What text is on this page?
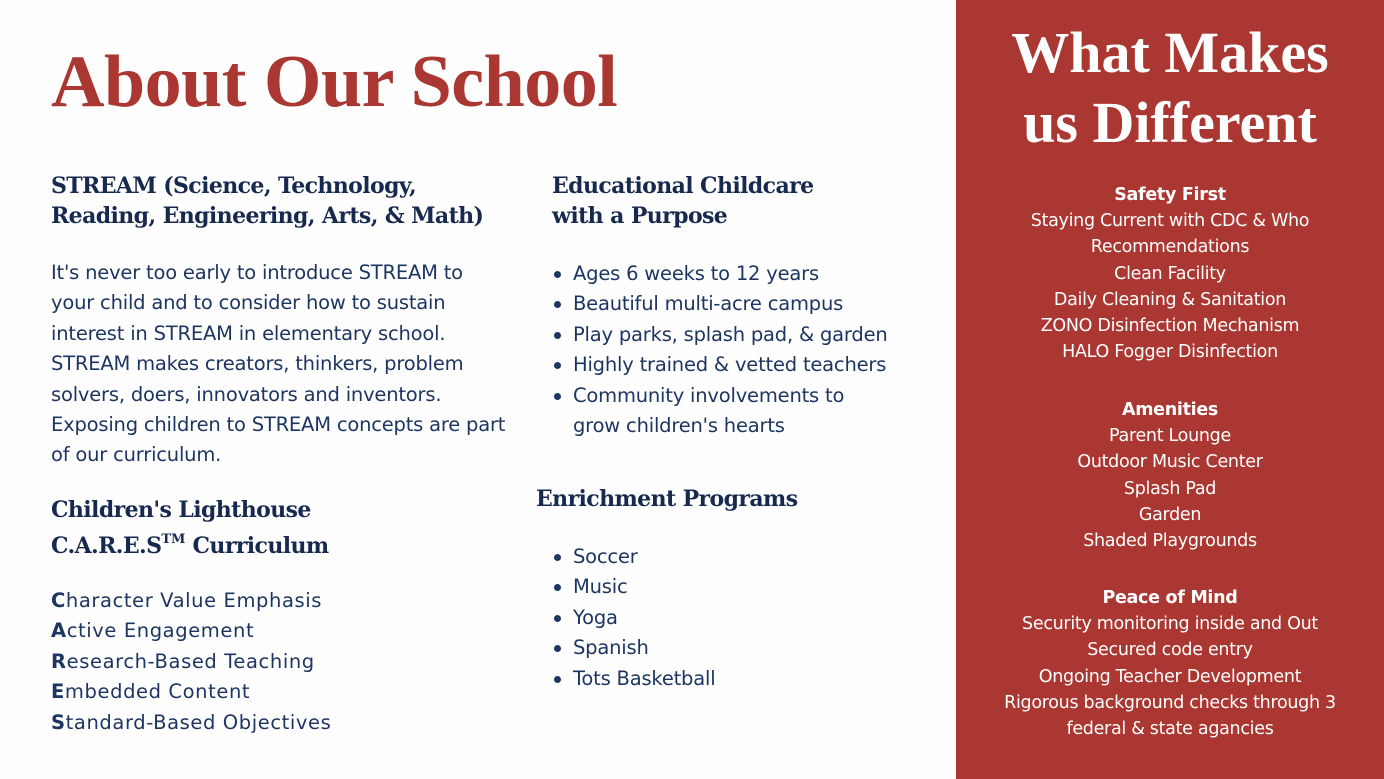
About Our School
STREAM (Science, Technology,
Reading, Engineering, Arts, & Math)

It's never too early to introduce STREAM to your child and to consider how to sustain interest in STREAM in elementary school. STREAM makes creators, thinkers, problem solvers, doers, innovators and inventors. Exposing children to STREAM concepts are part of our curriculum.

Children's Lighthouse
C.A.R.E.S™ Curriculum
Character Value Emphasis
Active Engagement
Research-Based Teaching
Embedded Content
Standard-Based Objectives
Educational Childcare
with a Purpose
Ages 6 weeks to 12 years
Beautiful multi-acre campus
Play parks, splash pad, & garden
Highly trained & vetted teachers
Community involvements to
grow children's hearts
Enrichment Programs
Soccer
Music
Yoga
Spanish
Tots Basketball
What Makes
us Different
Safety First
Staying Current with CDC & Who
Recommendations
Clean Facility
Daily Cleaning & Sanitation
ZONO Disinfection Mechanism
HALO Fogger Disinfection
Amenities
Parent Lounge
Outdoor Music Center
Splash Pad
Garden
Shaded Playgrounds
Peace of Mind
Security monitoring inside and Out
Secured code entry
Ongoing Teacher Development
Rigorous background checks through 3
federal & state agancies
